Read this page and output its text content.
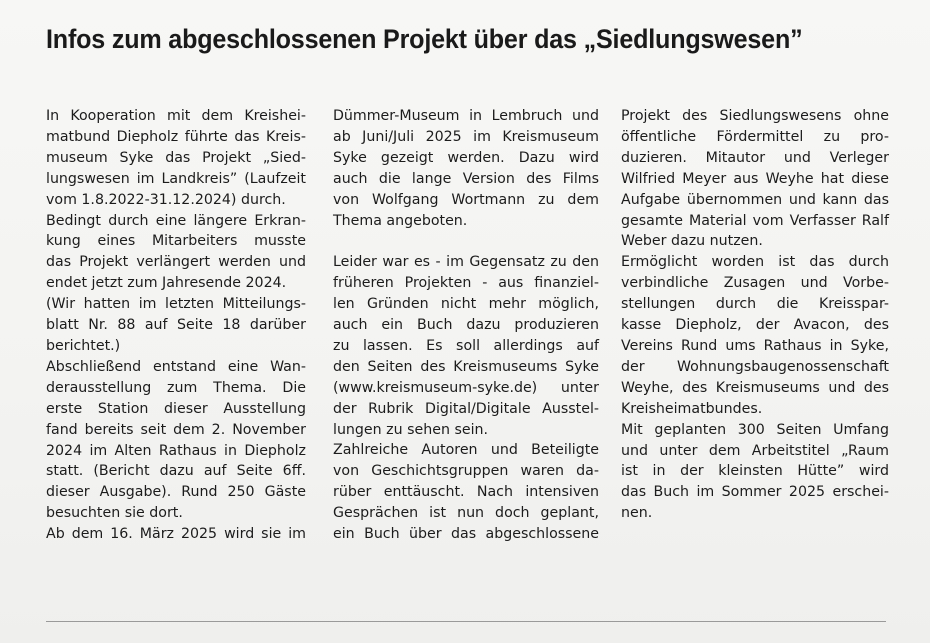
Infos zum abgeschlossenen Projekt über das „Siedlungswesen”
In Kooperation mit dem Kreishei-
matbund Diepholz führte das Kreis-
museum Syke das Projekt „Sied-
lungswesen im Landkreis” (Laufzeit
vom 1.8.2022-31.12.2024) durch.
Bedingt durch eine längere Erkran-
kung eines Mitarbeiters musste
das Projekt verlängert werden und
endet jetzt zum Jahresende 2024.
(Wir hatten im letzten Mitteilungs-
blatt Nr. 88 auf Seite 18 darüber
berichtet.)
Abschließend entstand eine Wan-
derausstellung zum Thema. Die
erste Station dieser Ausstellung
fand bereits seit dem 2. November
2024 im Alten Rathaus in Diepholz
statt. (Bericht dazu auf Seite 6ff.
dieser Ausgabe). Rund 250 Gäste
besuchten sie dort.
Ab dem 16. März 2025 wird sie im
Dümmer-Museum in Lembruch und
ab Juni/Juli 2025 im Kreismuseum
Syke gezeigt werden. Dazu wird
auch die lange Version des Films
von Wolfgang Wortmann zu dem
Thema angeboten.
Leider war es - im Gegensatz zu den
früheren Projekten - aus finanziel-
len Gründen nicht mehr möglich,
auch ein Buch dazu produzieren
zu lassen. Es soll allerdings auf
den Seiten des Kreismuseums Syke
(www.kreismuseum-syke.de) unter
der Rubrik Digital/Digitale Ausstel-
lungen zu sehen sein.
Zahlreiche Autoren und Beteiligte
von Geschichtsgruppen waren da-
rüber enttäuscht. Nach intensiven
Gesprächen ist nun doch geplant,
ein Buch über das abgeschlossene
Projekt des Siedlungswesens ohne
öffentliche Fördermittel zu pro-
duzieren. Mitautor und Verleger
Wilfried Meyer aus Weyhe hat diese
Aufgabe übernommen und kann das
gesamte Material vom Verfasser Ralf
Weber dazu nutzen.
Ermöglicht worden ist das durch
verbindliche Zusagen und Vorbe-
stellungen durch die Kreisspar-
kasse Diepholz, der Avacon, des
Vereins Rund ums Rathaus in Syke,
der Wohnungsbaugenossenschaft
Weyhe, des Kreismuseums und des
Kreisheimatbundes.
Mit geplanten 300 Seiten Umfang
und unter dem Arbeitstitel „Raum
ist in der kleinsten Hütte” wird
das Buch im Sommer 2025 erschei-
nen.
